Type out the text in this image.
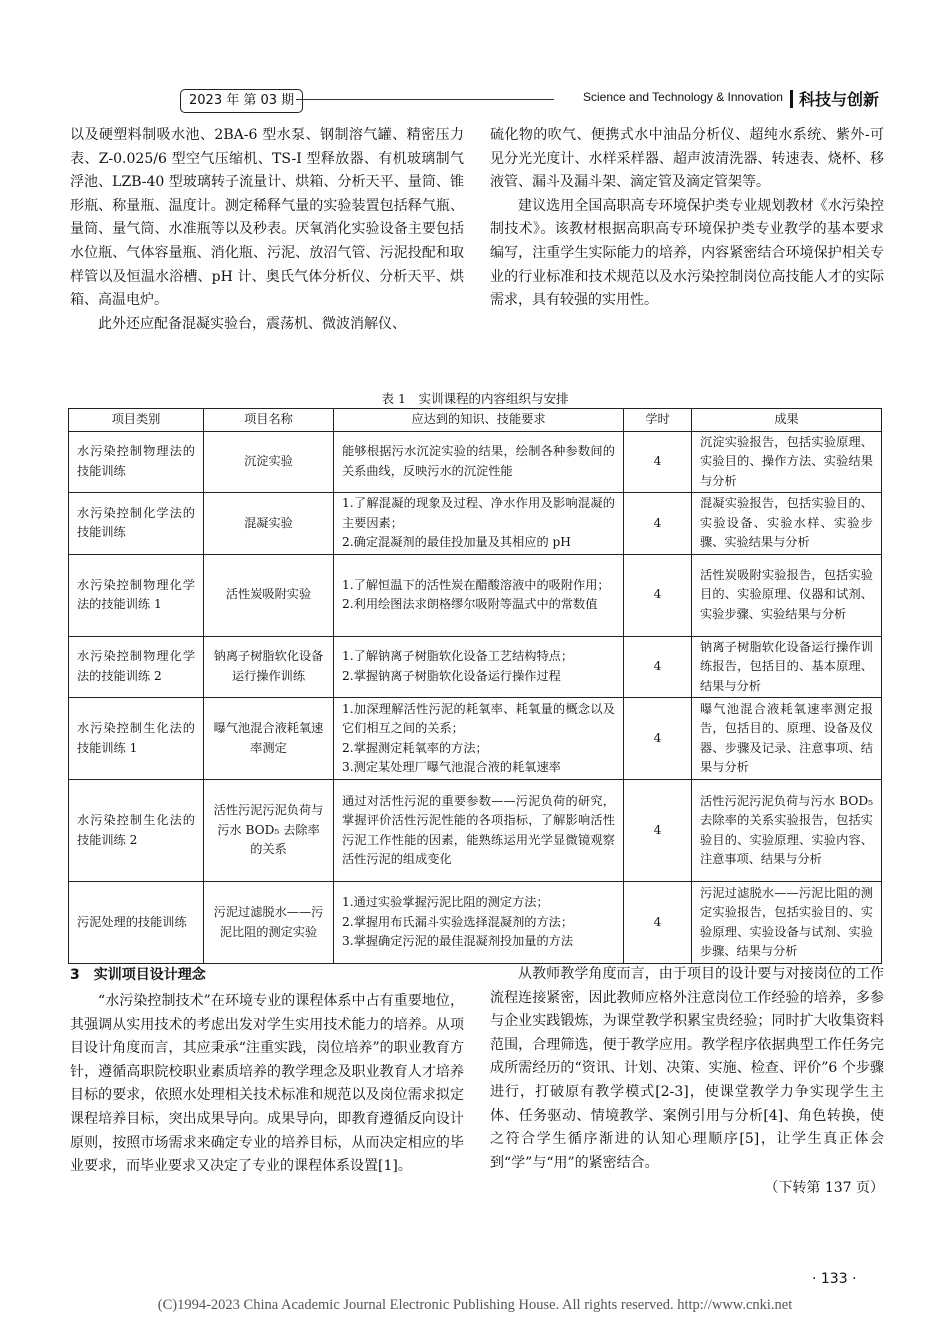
2023 年 第 03 期	Science and Technology & Innovation 科技与创新

以及硬塑料制吸水池、2BA-6 型水泵、钢制溶气罐、精密压力表、Z-0.025/6 型空气压缩机、TS-I 型释放器、有机玻璃制气浮池、LZB-40 型玻璃转子流量计、烘箱、分析天平、量筒、锥形瓶、称量瓶、温度计。测定稀释气量的实验装置包括释气瓶、量筒、量气筒、水准瓶等以及秒表。厌氧消化实验设备主要包括水位瓶、气体容量瓶、消化瓶、污泥、放沼气管、污泥投配和取样管以及恒温水浴槽、pH 计、奥氏气体分析仪、分析天平、烘箱、高温电炉。

此外还应配备混凝实验台，震荡机、微波消解仪、

硫化物的吹气、便携式水中油品分析仪、超纯水系统、紫外-可见分光光度计、水样采样器、超声波清洗器、转速表、烧杯、移液管、漏斗及漏斗架、滴定管及滴定管架等。

建议选用全国高职高专环境保护类专业规划教材《水污染控制技术》。该教材根据高职高专环境保护类专业教学的基本要求编写，注重学生实际能力的培养，内容紧密结合环境保护相关专业的行业标准和技术规范以及水污染控制岗位高技能人才的实际需求，具有较强的实用性。

表 1　实训课程的内容组织与安排
项目类别	项目名称	应达到的知识、技能要求	学时	成果
水污染控制物理法的技能训练	沉淀实验	能够根据污水沉淀实验的结果，绘制各种参数间的关系曲线，反映污水的沉淀性能	4	沉淀实验报告，包括实验原理、实验目的、操作方法、实验结果与分析
水污染控制化学法的技能训练	混凝实验	1.了解混凝的现象及过程、净水作用及影响混凝的主要因素；
2.确定混凝剂的最佳投加量及其相应的 pH	4	混凝实验报告，包括实验目的、实验设备、实验水样、实验步骤、实验结果与分析
水污染控制物理化学法的技能训练 1	活性炭吸附实验	1.了解恒温下的活性炭在醋酸溶液中的吸附作用；
2.利用绘图法求朗格缪尔吸附等温式中的常数值	4	活性炭吸附实验报告，包括实验目的、实验原理、仪器和试剂、实验步骤、实验结果与分析
水污染控制物理化学法的技能训练 2	钠离子树脂软化设备运行操作训练	1.了解钠离子树脂软化设备工艺结构特点；
2.掌握钠离子树脂软化设备运行操作过程	4	钠离子树脂软化设备运行操作训练报告，包括目的、基本原理、结果与分析
水污染控制生化法的技能训练 1	曝气池混合液耗氧速率测定	1.加深理解活性污泥的耗氧率、耗氧量的概念以及它们相互之间的关系；
2.掌握测定耗氧率的方法；
3.测定某处理厂曝气池混合液的耗氧速率	4	曝气池混合液耗氧速率测定报告，包括目的、原理、设备及仪器、步骤及记录、注意事项、结果与分析
水污染控制生化法的技能训练 2	活性污泥污泥负荷与污水 BOD₅ 去除率的关系	通过对活性污泥的重要参数——污泥负荷的研究，掌握评价活性污泥性能的各项指标，了解影响活性污泥工作性能的因素，能熟练运用光学显微镜观察活性污泥的组成变化	4	活性污泥污泥负荷与污水 BOD₅ 去除率的关系实验报告，包括实验目的、实验原理、实验内容、注意事项、结果与分析
污泥处理的技能训练	污泥过滤脱水——污泥比阻的测定实验	1.通过实验掌握污泥比阻的测定方法；
2.掌握用布氏漏斗实验选择混凝剂的方法；
3.掌握确定污泥的最佳混凝剂投加量的方法	4	污泥过滤脱水——污泥比阻的测定实验报告，包括实验目的、实验原理、实验设备与试剂、实验步骤、结果与分析
3　实训项目设计理念

“水污染控制技术”在环境专业的课程体系中占有重要地位，其强调从实用技术的考虑出发对学生实用技术能力的培养。从项目设计角度而言，其应秉承“注重实践，岗位培养”的职业教育方针，遵循高职院校职业素质培养的教学理念及职业教育人才培养目标的要求，依照水处理相关技术标准和规范以及岗位需求拟定课程培养目标，突出成果导向。成果导向，即教育遵循反向设计原则，按照市场需求来确定专业的培养目标，从而决定相应的毕业要求，而毕业要求又决定了专业的课程体系设置[1]。

从教师教学角度而言，由于项目的设计要与对接岗位的工作流程连接紧密，因此教师应格外注意岗位工作经验的培养，多参与企业实践锻炼，为课堂教学积累宝贵经验；同时扩大收集资料范围，合理筛选，便于教学应用。教学程序依据典型工作任务完成所需经历的“资讯、计划、决策、实施、检查、评价”6 个步骤进行，打破原有教学模式[2-3]，使课堂教学力争实现学生主体、任务驱动、情境教学、案例引用与分析[4]、角色转换，使之符合学生循序渐进的认知心理顺序[5]，让学生真正体会到“学”与“用”的紧密结合。

（下转第 137 页）
· 133 ·
(C)1994-2023 China Academic Journal Electronic Publishing House. All rights reserved. http://www.cnki.net
